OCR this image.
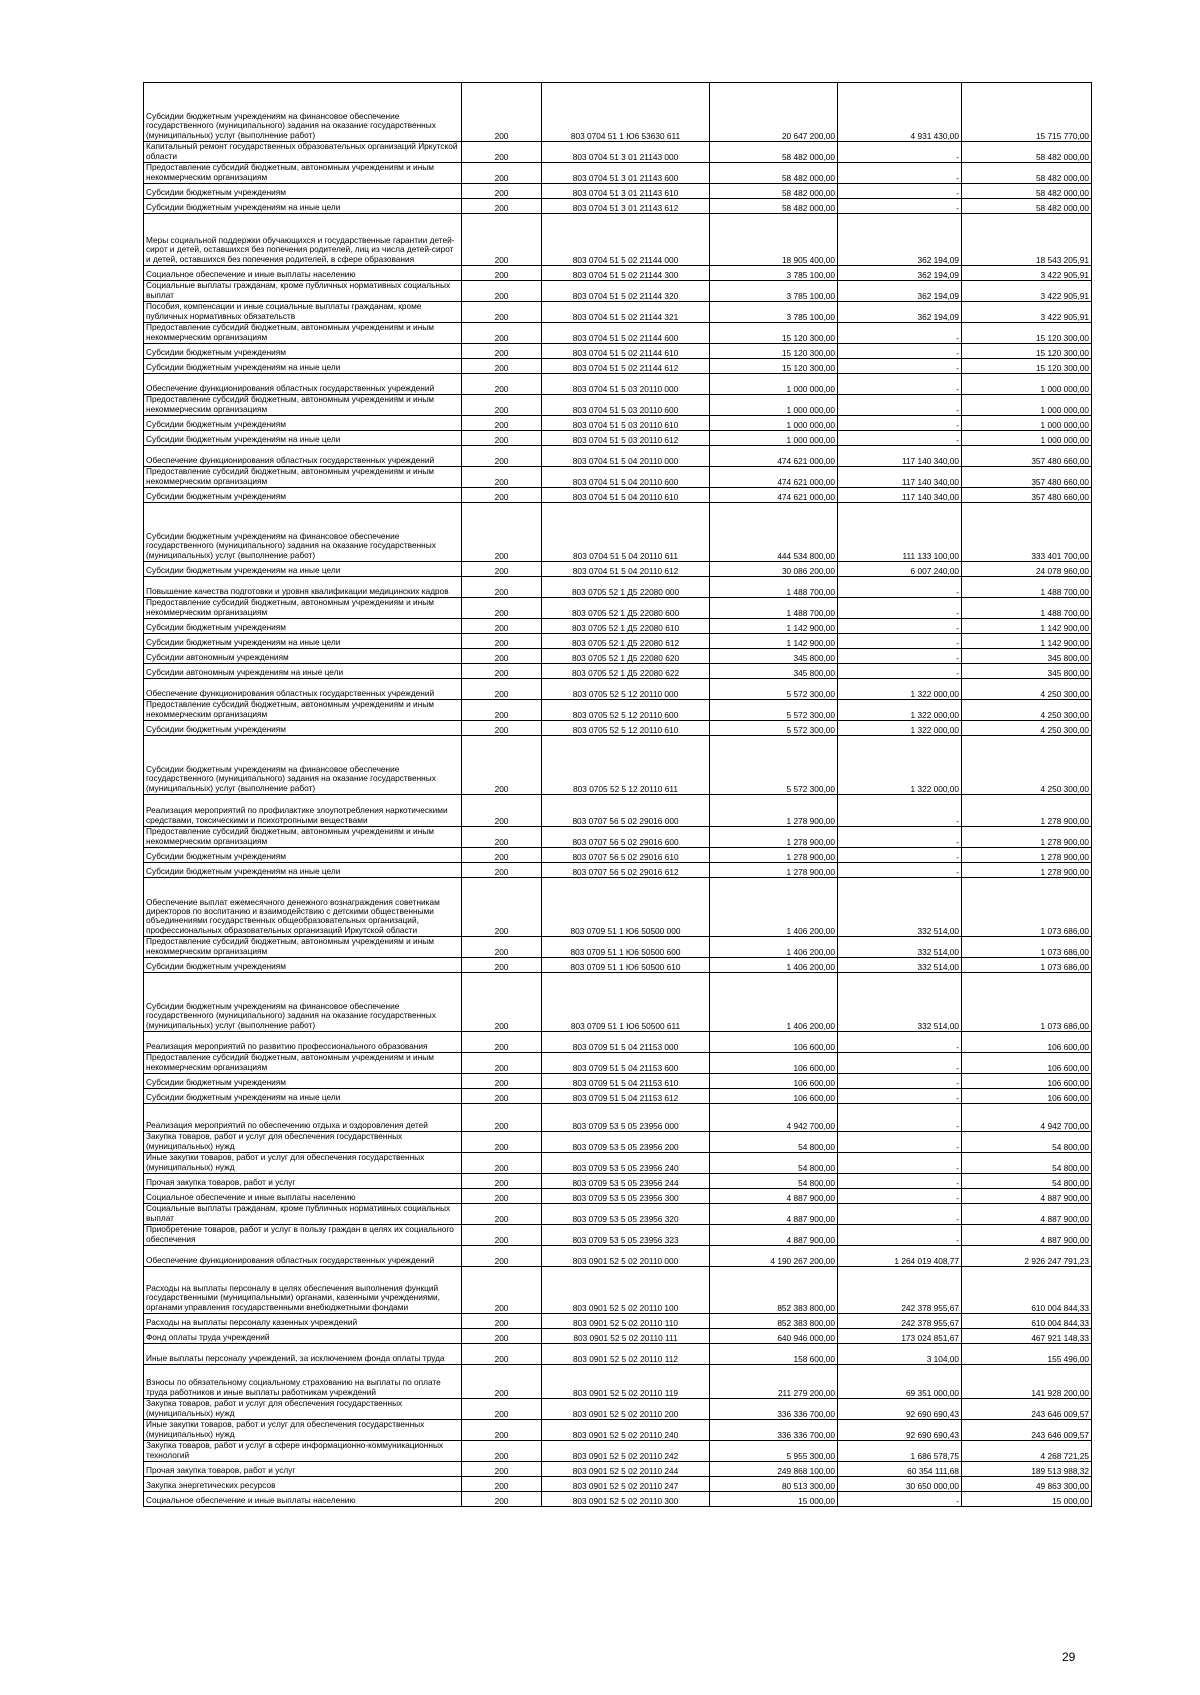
Субсидии бюджетным учреждениям на финансовое обеспечение государственного (муниципального) задания на оказание государственных (муниципальных) услуг (выполнение работ)	200	803 0704 51 1 Ю6 53630 611	20 647 200,00	4 931 430,00	15 715 770,00
Капитальный ремонт государственных образовательных организаций Иркутской области	200	803 0704 51 3 01 21143 000	58 482 000,00	-	58 482 000,00
Предоставление субсидий бюджетным, автономным учреждениям и иным некоммерческим организациям	200	803 0704 51 3 01 21143 600	58 482 000,00	-	58 482 000,00
Субсидии бюджетным учреждениям	200	803 0704 51 3 01 21143 610	58 482 000,00	-	58 482 000,00
Субсидии бюджетным учреждениям на иные цели	200	803 0704 51 3 01 21143 612	58 482 000,00	-	58 482 000,00
Меры социальной поддержки обучающихся и государственные гарантии детей-сирот и детей, оставшихся без попечения родителей, лиц из числа детей-сирот и детей, оставшихся без попечения родителей, в сфере образования	200	803 0704 51 5 02 21144 000	18 905 400,00	362 194,09	18 543 205,91
Социальное обеспечение и иные выплаты населению	200	803 0704 51 5 02 21144 300	3 785 100,00	362 194,09	3 422 905,91
Социальные выплаты гражданам, кроме публичных нормативных социальных выплат	200	803 0704 51 5 02 21144 320	3 785 100,00	362 194,09	3 422 905,91
Пособия, компенсации и иные социальные выплаты гражданам, кроме публичных нормативных обязательств	200	803 0704 51 5 02 21144 321	3 785 100,00	362 194,09	3 422 905,91
Предоставление субсидий бюджетным, автономным учреждениям и иным некоммерческим организациям	200	803 0704 51 5 02 21144 600	15 120 300,00	-	15 120 300,00
Субсидии бюджетным учреждениям	200	803 0704 51 5 02 21144 610	15 120 300,00	-	15 120 300,00
Субсидии бюджетным учреждениям на иные цели	200	803 0704 51 5 02 21144 612	15 120 300,00	-	15 120 300,00
Обеспечение функционирования областных государственных учреждений	200	803 0704 51 5 03 20110 000	1 000 000,00	-	1 000 000,00
Предоставление субсидий бюджетным, автономным учреждениям и иным некоммерческим организациям	200	803 0704 51 5 03 20110 600	1 000 000,00	-	1 000 000,00
Субсидии бюджетным учреждениям	200	803 0704 51 5 03 20110 610	1 000 000,00	-	1 000 000,00
Субсидии бюджетным учреждениям на иные цели	200	803 0704 51 5 03 20110 612	1 000 000,00	-	1 000 000,00
Обеспечение функционирования областных государственных учреждений	200	803 0704 51 5 04 20110 000	474 621 000,00	117 140 340,00	357 480 660,00
Предоставление субсидий бюджетным, автономным учреждениям и иным некоммерческим организациям	200	803 0704 51 5 04 20110 600	474 621 000,00	117 140 340,00	357 480 660,00
Субсидии бюджетным учреждениям	200	803 0704 51 5 04 20110 610	474 621 000,00	117 140 340,00	357 480 660,00
Субсидии бюджетным учреждениям на финансовое обеспечение государственного (муниципального) задания на оказание государственных (муниципальных) услуг (выполнение работ)	200	803 0704 51 5 04 20110 611	444 534 800,00	111 133 100,00	333 401 700,00
Субсидии бюджетным учреждениям на иные цели	200	803 0704 51 5 04 20110 612	30 086 200,00	6 007 240,00	24 078 960,00
Повышение качества подготовки и уровня квалификации медицинских кадров	200	803 0705 52 1 Д5 22080 000	1 488 700,00	-	1 488 700,00
Предоставление субсидий бюджетным, автономным учреждениям и иным некоммерческим организациям	200	803 0705 52 1 Д5 22080 600	1 488 700,00	-	1 488 700,00
Субсидии бюджетным учреждениям	200	803 0705 52 1 Д5 22080 610	1 142 900,00	-	1 142 900,00
Субсидии бюджетным учреждениям на иные цели	200	803 0705 52 1 Д5 22080 612	1 142 900,00	-	1 142 900,00
Субсидии автономным учреждениям	200	803 0705 52 1 Д5 22080 620	345 800,00	-	345 800,00
Субсидии автономным учреждениям на иные цели	200	803 0705 52 1 Д5 22080 622	345 800,00	-	345 800,00
Обеспечение функционирования областных государственных учреждений	200	803 0705 52 5 12 20110 000	5 572 300,00	1 322 000,00	4 250 300,00
Предоставление субсидий бюджетным, автономным учреждениям и иным некоммерческим организациям	200	803 0705 52 5 12 20110 600	5 572 300,00	1 322 000,00	4 250 300,00
Субсидии бюджетным учреждениям	200	803 0705 52 5 12 20110 610	5 572 300,00	1 322 000,00	4 250 300,00
Субсидии бюджетным учреждениям на финансовое обеспечение государственного (муниципального) задания на оказание государственных (муниципальных) услуг (выполнение работ)	200	803 0705 52 5 12 20110 611	5 572 300,00	1 322 000,00	4 250 300,00
Реализация мероприятий по профилактике злоупотребления наркотическими средствами, токсическими и психотропными веществами	200	803 0707 56 5 02 29016 000	1 278 900,00	-	1 278 900,00
Предоставление субсидий бюджетным, автономным учреждениям и иным некоммерческим организациям	200	803 0707 56 5 02 29016 600	1 278 900,00	-	1 278 900,00
Субсидии бюджетным учреждениям	200	803 0707 56 5 02 29016 610	1 278 900,00	-	1 278 900,00
Субсидии бюджетным учреждениям на иные цели	200	803 0707 56 5 02 29016 612	1 278 900,00	-	1 278 900,00
Обеспечение выплат ежемесячного денежного вознаграждения советникам директоров по воспитанию и взаимодействию с детскими общественными объединениями государственных общеобразовательных организаций, профессиональных образовательных организаций Иркутской области	200	803 0709 51 1 Ю6 50500 000	1 406 200,00	332 514,00	1 073 686,00
Предоставление субсидий бюджетным, автономным учреждениям и иным некоммерческим организациям	200	803 0709 51 1 Ю6 50500 600	1 406 200,00	332 514,00	1 073 686,00
Субсидии бюджетным учреждениям	200	803 0709 51 1 Ю6 50500 610	1 406 200,00	332 514,00	1 073 686,00
Субсидии бюджетным учреждениям на финансовое обеспечение государственного (муниципального) задания на оказание государственных (муниципальных) услуг (выполнение работ)	200	803 0709 51 1 Ю6 50500 611	1 406 200,00	332 514,00	1 073 686,00
Реализация мероприятий по развитию профессионального образования	200	803 0709 51 5 04 21153 000	106 600,00	-	106 600,00
Предоставление субсидий бюджетным, автономным учреждениям и иным некоммерческим организациям	200	803 0709 51 5 04 21153 600	106 600,00	-	106 600,00
Субсидии бюджетным учреждениям	200	803 0709 51 5 04 21153 610	106 600,00	-	106 600,00
Субсидии бюджетным учреждениям на иные цели	200	803 0709 51 5 04 21153 612	106 600,00	-	106 600,00
Реализация мероприятий по обеспечению отдыха и оздоровления детей	200	803 0709 53 5 05 23956 000	4 942 700,00	-	4 942 700,00
Закупка товаров, работ и услуг для обеспечения государственных (муниципальных) нужд	200	803 0709 53 5 05 23956 200	54 800,00	-	54 800,00
Иные закупки товаров, работ и услуг для обеспечения государственных (муниципальных) нужд	200	803 0709 53 5 05 23956 240	54 800,00	-	54 800,00
Прочая закупка товаров, работ и услуг	200	803 0709 53 5 05 23956 244	54 800,00	-	54 800,00
Социальное обеспечение и иные выплаты населению	200	803 0709 53 5 05 23956 300	4 887 900,00	-	4 887 900,00
Социальные выплаты гражданам, кроме публичных нормативных социальных выплат	200	803 0709 53 5 05 23956 320	4 887 900,00	-	4 887 900,00
Приобретение товаров, работ и услуг в пользу граждан в целях их социального обеспечения	200	803 0709 53 5 05 23956 323	4 887 900,00	-	4 887 900,00
Обеспечение функционирования областных государственных учреждений	200	803 0901 52 5 02 20110 000	4 190 267 200,00	1 264 019 408,77	2 926 247 791,23
Расходы на выплаты персоналу в целях обеспечения выполнения функций государственными (муниципальными) органами, казенными учреждениями, органами управления государственными внебюджетными фондами	200	803 0901 52 5 02 20110 100	852 383 800,00	242 378 955,67	610 004 844,33
Расходы на выплаты персоналу казенных учреждений	200	803 0901 52 5 02 20110 110	852 383 800,00	242 378 955,67	610 004 844,33
Фонд оплаты труда учреждений	200	803 0901 52 5 02 20110 111	640 946 000,00	173 024 851,67	467 921 148,33
Иные выплаты персоналу учреждений, за исключением фонда оплаты труда	200	803 0901 52 5 02 20110 112	158 600,00	3 104,00	155 496,00
Взносы по обязательному социальному страхованию на выплаты по оплате труда работников и иные выплаты работникам учреждений	200	803 0901 52 5 02 20110 119	211 279 200,00	69 351 000,00	141 928 200,00
Закупка товаров, работ и услуг для обеспечения государственных (муниципальных) нужд	200	803 0901 52 5 02 20110 200	336 336 700,00	92 690 690,43	243 646 009,57
Иные закупки товаров, работ и услуг для обеспечения государственных (муниципальных) нужд	200	803 0901 52 5 02 20110 240	336 336 700,00	92 690 690,43	243 646 009,57
Закупка товаров, работ и услуг в сфере информационно-коммуникационных технологий	200	803 0901 52 5 02 20110 242	5 955 300,00	1 686 578,75	4 268 721,25
Прочая закупка товаров, работ и услуг	200	803 0901 52 5 02 20110 244	249 868 100,00	60 354 111,68	189 513 988,32
Закупка энергетических ресурсов	200	803 0901 52 5 02 20110 247	80 513 300,00	30 650 000,00	49 863 300,00
Социальное обеспечение и иные выплаты населению	200	803 0901 52 5 02 20110 300	15 000,00	-	15 000,00
29
